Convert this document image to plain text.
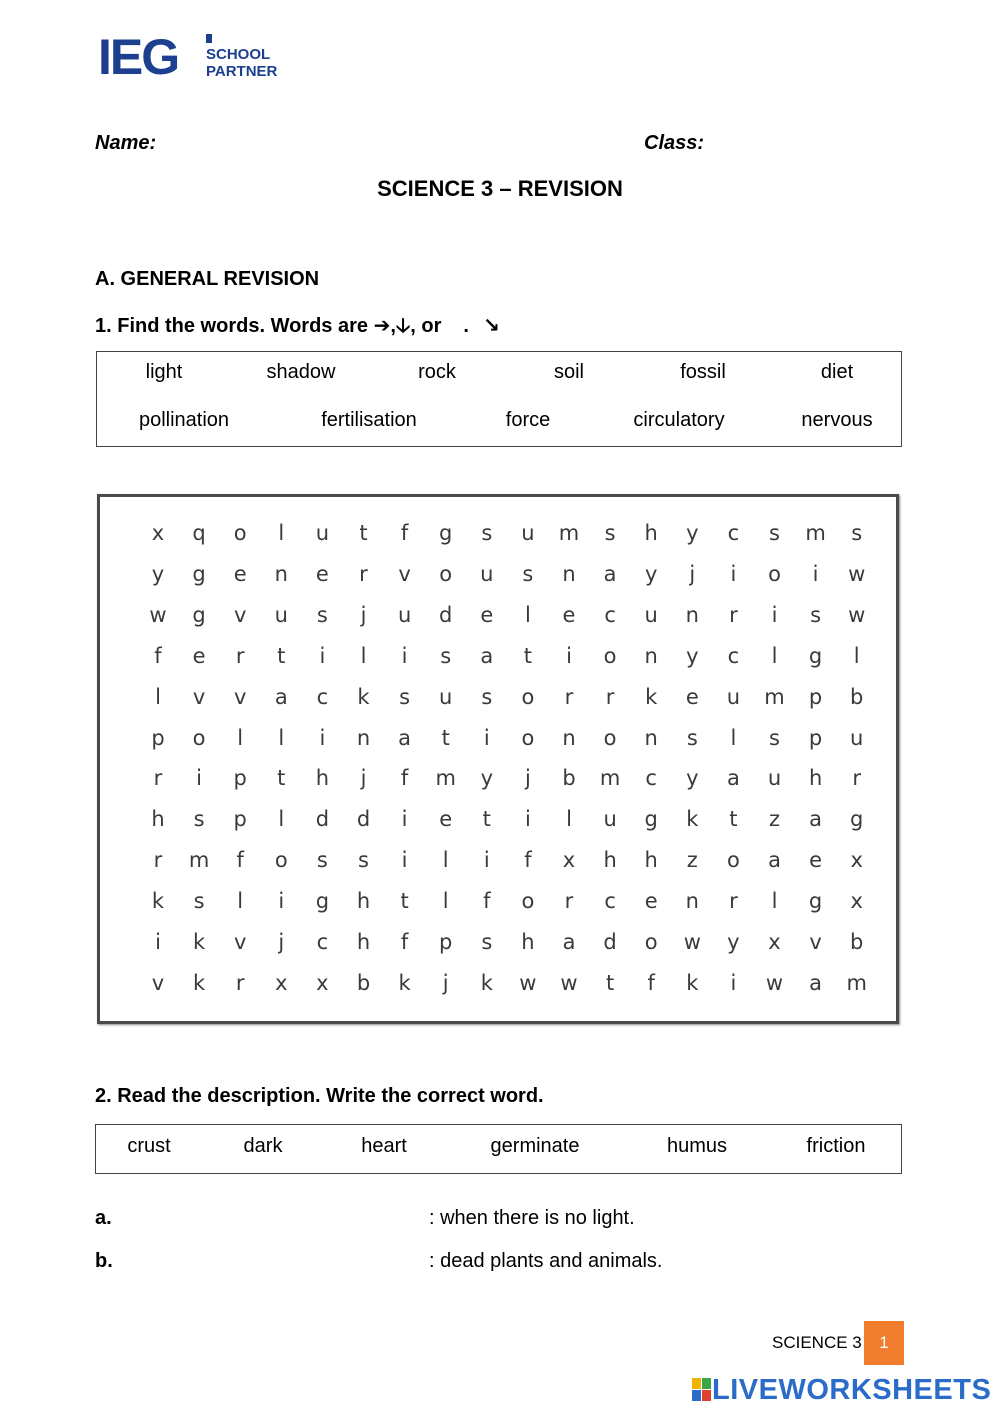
IEG SCHOOL
PARTNER
Name:	Class:
SCIENCE 3 – REVISION
A. GENERAL REVISION
1. Find the words. Words are ➔,🡣, or . ↘
light	shadow	rock	soil	fossil	diet
pollination	fertilisation	force	circulatory	nervous
x q o l u t f g s u m s h y c s m s
y g e n e r v o u s n a y j i o i w
w g v u s j u d e l e c u n r i s w
f e r t i l i s a t i o n y c l g l
l v v a c k s u s o r r k e u m p b
p o l l i n a t i o n o n s l s p u
r i p t h j f m y j b m c y a u h r
h s p l d d i e t i l u g k t z a g
r m f o s s i l i f x h h z o a e x
k s l i g h t l f o r c e n r l g x
i k v j c h f p s h a d o w y x v b
v k r x x b k j k w w t f k i w a m
2. Read the description. Write the correct word.
crust	dark	heart	germinate	humus	friction
a.	: when there is no light.
b.	: dead plants and animals.
SCIENCE 3	1
LIVEWORKSHEETS
